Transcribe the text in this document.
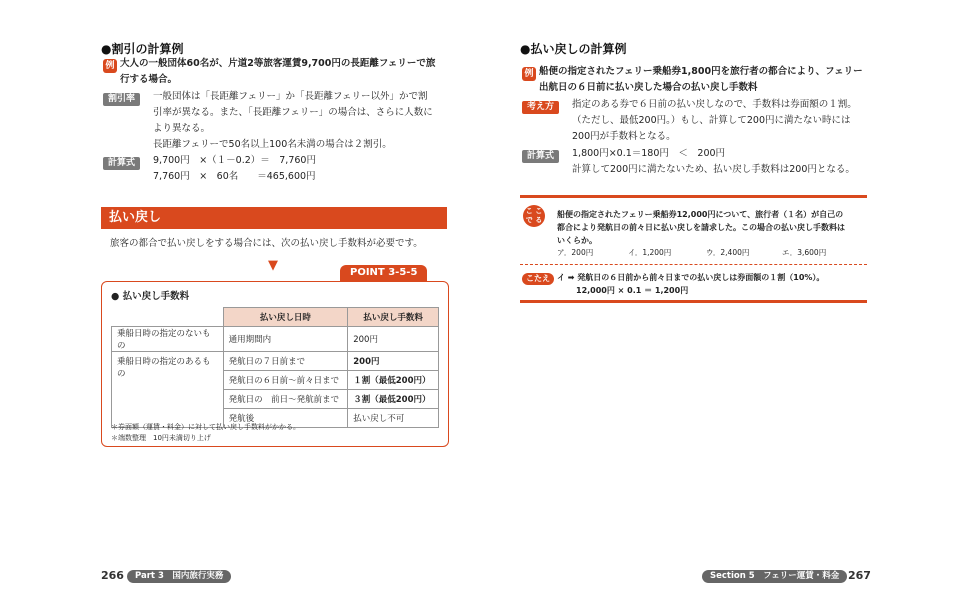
●割引の計算例
例 大人の一般団体60名が、片道2等旅客運賃9,700円の長距離フェリーで旅
行する場合。
割引率	一般団体は「長距離フェリー」か「長距離フェリー以外」かで割
引率が異なる。また、「長距離フェリー」の場合は、さらに人数に
より異なる。
長距離フェリーで50名以上100名未満の場合は２割引。
計算式	9,700円　×（１－0.2）＝　7,760円
7,760円　×　60名　　＝465,600円
払い戻し
旅客の都合で払い戻しをする場合には、次の払い戻し手数料が必要です。
▼	POINT 3-5-5
● 払い戻し手数料
	払い戻し日時	払い戻し手数料
乗船日時の指定のないもの	通用期間内	200円
乗船日時の指定のあるもの	発航日の７日前まで	200円
	発航日の６日前〜前々日まで	１割（最低200円）
	発航日の　前日〜発航前まで	３割（最低200円）
	発航後	払い戻し不可
＊券面額（運賃・料金）に対して払い戻し手数料がかかる。
＊端数整理　10円未満切り上げ
266	Part 3　国内旅行実務
●払い戻しの計算例
例 船便の指定されたフェリー乗船券1,800円を旅行者の都合により、フェリー
出航日の６日前に払い戻した場合の払い戻し手数料
考え方	指定のある券で６日前の払い戻しなので、手数料は券面額の１割。
（ただし、最低200円。）もし、計算して200円に満たない時には
200円が手数料となる。
計算式	1,800円×0.1＝180円　＜　200円
計算して200円に満たないため、払い戻し手数料は200円となる。
こ こ で る
船便の指定されたフェリー乗船券12,000円について、旅行者（１名）が自己の
都合により発航日の前々日に払い戻しを請求した。この場合の払い戻し手数料は
いくらか。
ア．200円	イ．1,200円	ウ．2,400円	エ．3,600円
こたえ イ ➡ 発航日の６日前から前々日までの払い戻しは券面額の１割（10%）。
12,000円 × 0.1 ＝ 1,200円
Section 5　フェリー運賃・料金 267
